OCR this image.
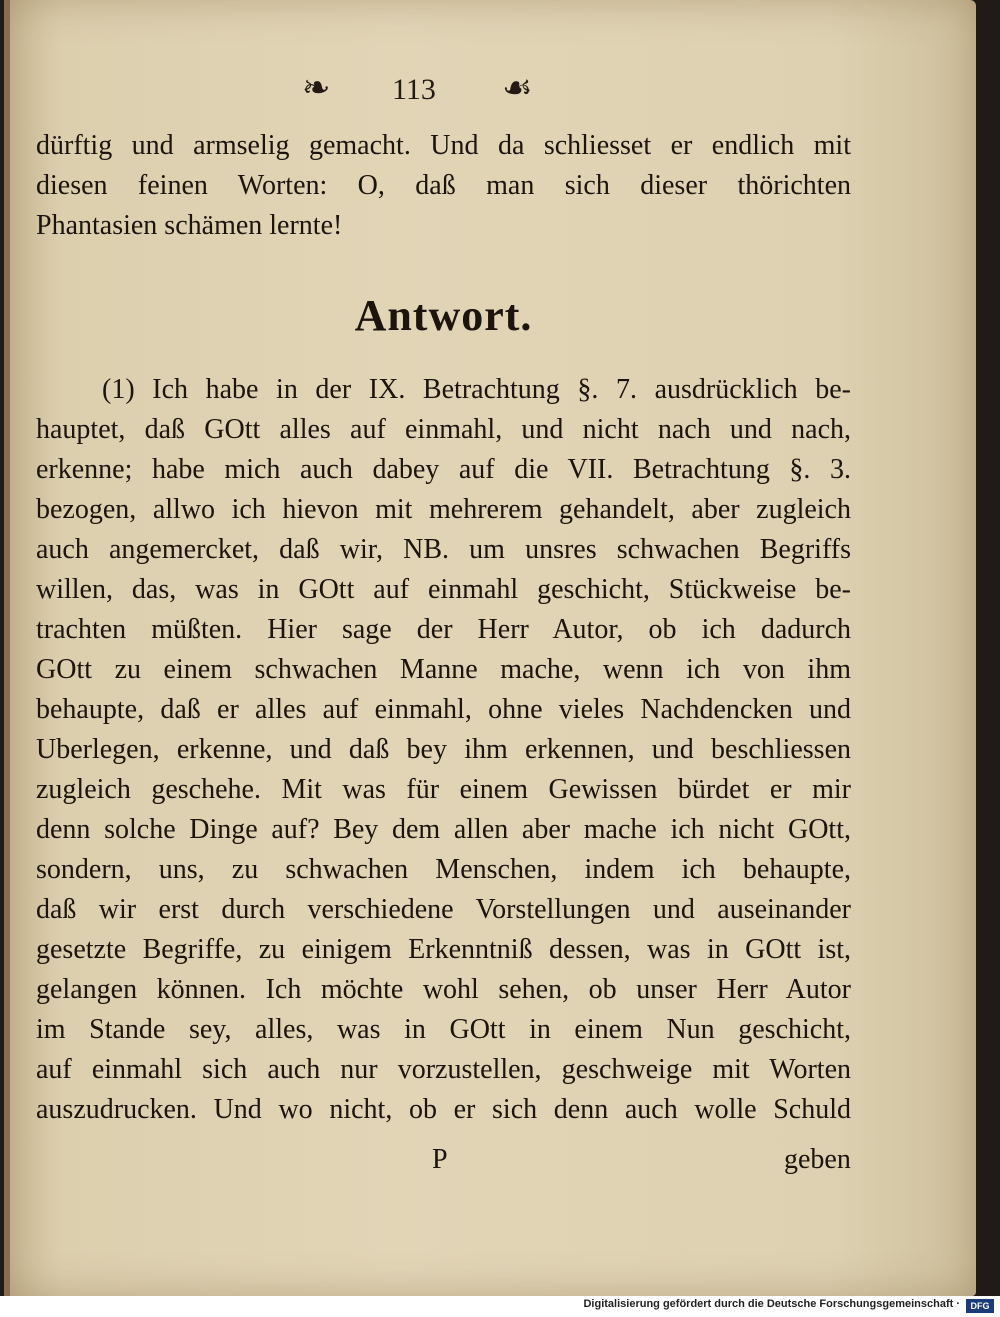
❧ 113 ☙
dürftig und armselig gemacht. Und da schliesset er endlich mit
diesen feinen Worten: O, daß man sich dieser thörichten
Phantasien schämen lernte!
Antwort.
(1) Ich habe in der IX. Betrachtung §. 7. ausdrücklich be-
hauptet, daß GOtt alles auf einmahl, und nicht nach und nach,
erkenne; habe mich auch dabey auf die VII. Betrachtung §. 3.
bezogen, allwo ich hievon mit mehrerem gehandelt, aber zugleich
auch angemercket, daß wir, NB. um unsres schwachen Begriffs
willen, das, was in GOtt auf einmahl geschicht, Stückweise be-
trachten müßten. Hier sage der Herr Autor, ob ich dadurch
GOtt zu einem schwachen Manne mache, wenn ich von ihm
behaupte, daß er alles auf einmahl, ohne vieles Nachdencken und
Uberlegen, erkenne, und daß bey ihm erkennen, und beschliessen
zugleich geschehe. Mit was für einem Gewissen bürdet er mir
denn solche Dinge auf? Bey dem allen aber mache ich nicht GOtt,
sondern, uns, zu schwachen Menschen, indem ich behaupte,
daß wir erst durch verschiedene Vorstellungen und auseinander
gesetzte Begriffe, zu einigem Erkenntniß dessen, was in GOtt ist,
gelangen können. Ich möchte wohl sehen, ob unser Herr Autor
im Stande sey, alles, was in GOtt in einem Nun geschicht,
auf einmahl sich auch nur vorzustellen, geschweige mit Worten
auszudrucken. Und wo nicht, ob er sich denn auch wolle Schuld
P	geben
Digitalisierung gefördert durch die Deutsche Forschungsgemeinschaft ·	DFG
